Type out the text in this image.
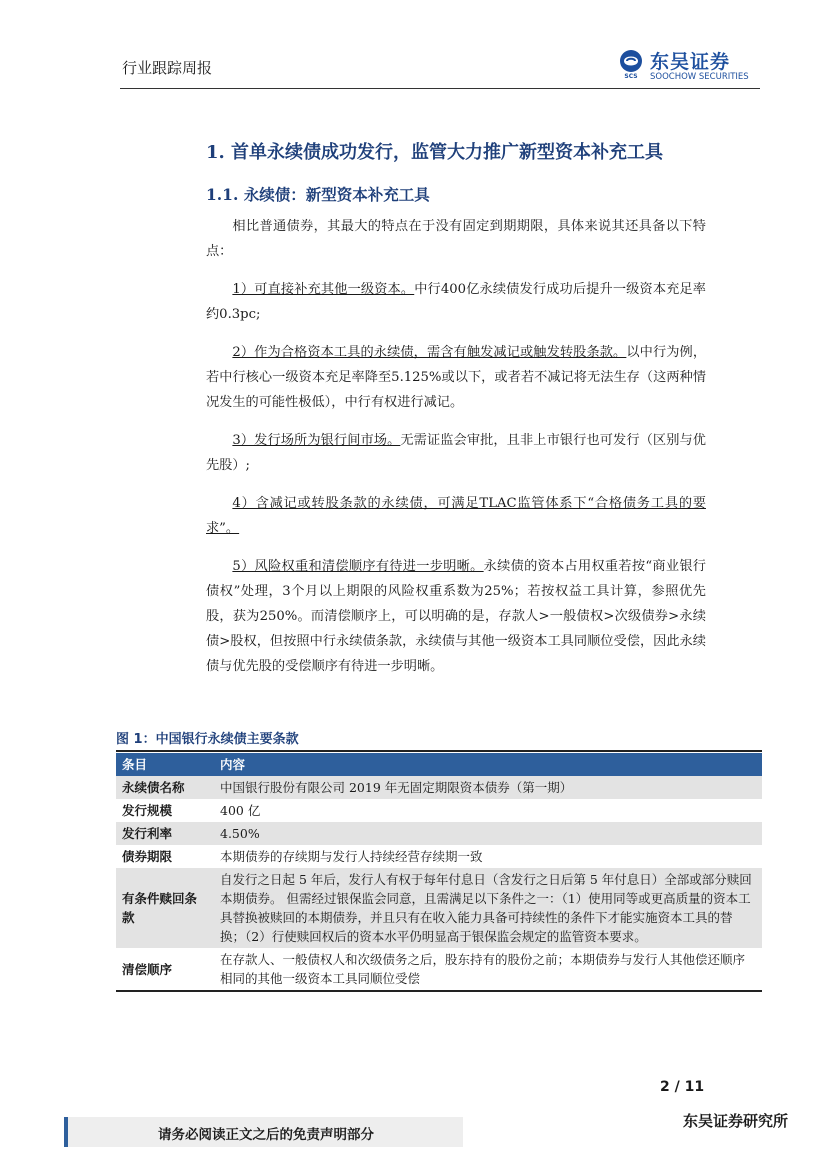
行业跟踪周报	SCS
东吴证券
SOOCHOW SECURITIES
1. 首单永续债成功发行，监管大力推广新型资本补充工具
1.1. 永续债：新型资本补充工具

相比普通债券，其最大的特点在于没有固定到期期限，具体来说其还具备以下特点：

1）可直接补充其他一级资本。中行400亿永续债发行成功后提升一级资本充足率约0.3pc;

2）作为合格资本工具的永续债，需含有触发减记或触发转股条款。以中行为例，若中行核心一级资本充足率降至5.125%或以下，或者若不减记将无法生存（这两种情况发生的可能性极低），中行有权进行减记。

3）发行场所为银行间市场。无需证监会审批，且非上市银行也可发行（区别与优先股）;

4）含减记或转股条款的永续债，可满足TLAC监管体系下“合格债务工具的要求”。

5）风险权重和清偿顺序有待进一步明晰。永续债的资本占用权重若按“商业银行债权”处理，3个月以上期限的风险权重系数为25%；若按权益工具计算，参照优先股，获为250%。而清偿顺序上，可以明确的是，存款人>一般债权>次级债券>永续债>股权，但按照中行永续债条款，永续债与其他一级资本工具同顺位受偿，因此永续债与优先股的受偿顺序有待进一步明晰。

图 1：中国银行永续债主要条款
条目	内容
永续债名称	中国银行股份有限公司 2019 年无固定期限资本债券（第一期）
发行规模	400 亿
发行利率	4.50%
债券期限	本期债券的存续期与发行人持续经营存续期一致
有条件赎回条款	自发行之日起 5 年后，发行人有权于每年付息日（含发行之日后第 5 年付息日）全部或部分赎回本期债券。 但需经过银保监会同意，且需满足以下条件之一：（1）使用同等或更高质量的资本工具替换被赎回的本期债券，并且只有在收入能力具备可持续性的条件下才能实施资本工具的替换；（2）行使赎回权后的资本水平仍明显高于银保监会规定的监管资本要求。
清偿顺序	在存款人、一般债权人和次级债务之后，股东持有的股份之前；本期债券与发行人其他偿还顺序相同的其他一级资本工具同顺位受偿
2 / 11
请务必阅读正文之后的免责声明部分
东吴证券研究所
